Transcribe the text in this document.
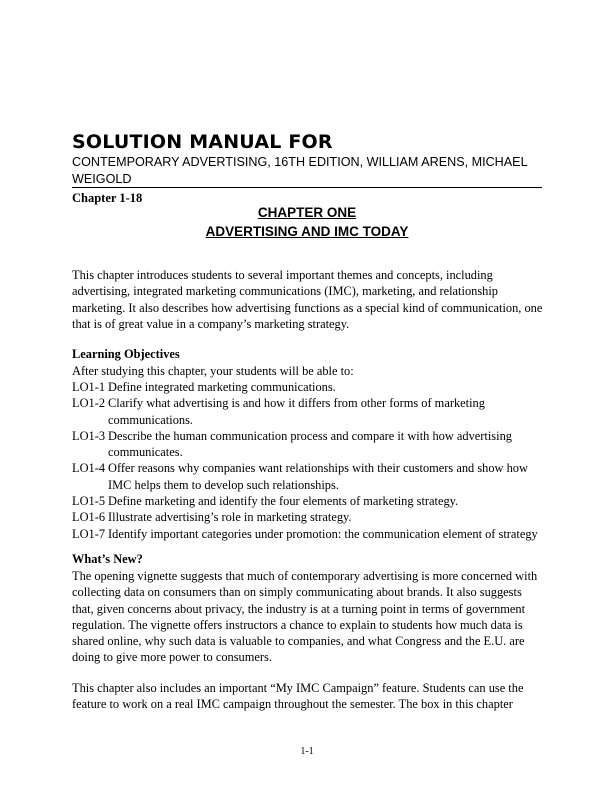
SOLUTION MANUAL FOR
CONTEMPORARY ADVERTISING, 16TH EDITION, WILLIAM ARENS, MICHAEL WEIGOLD
Chapter 1-18
CHAPTER ONE
ADVERTISING AND IMC TODAY
This chapter introduces students to several important themes and concepts, including advertising, integrated marketing communications (IMC), marketing, and relationship marketing. It also describes how advertising functions as a special kind of communication, one that is of great value in a company’s marketing strategy.
Learning Objectives
After studying this chapter, your students will be able to:
LO1-1 Define integrated marketing communications.
LO1-2 Clarify what advertising is and how it differs from other forms of marketing communications.
LO1-3 Describe the human communication process and compare it with how advertising communicates.
LO1-4 Offer reasons why companies want relationships with their customers and show how IMC helps them to develop such relationships.
LO1-5 Define marketing and identify the four elements of marketing strategy.
LO1-6 Illustrate advertising’s role in marketing strategy.
LO1-7 Identify important categories under promotion: the communication element of strategy
What’s New?
The opening vignette suggests that much of contemporary advertising is more concerned with collecting data on consumers than on simply communicating about brands. It also suggests that, given concerns about privacy, the industry is at a turning point in terms of government regulation. The vignette offers instructors a chance to explain to students how much data is shared online, why such data is valuable to companies, and what Congress and the E.U. are doing to give more power to consumers.
This chapter also includes an important “My IMC Campaign” feature. Students can use the feature to work on a real IMC campaign throughout the semester. The box in this chapter
1-1
